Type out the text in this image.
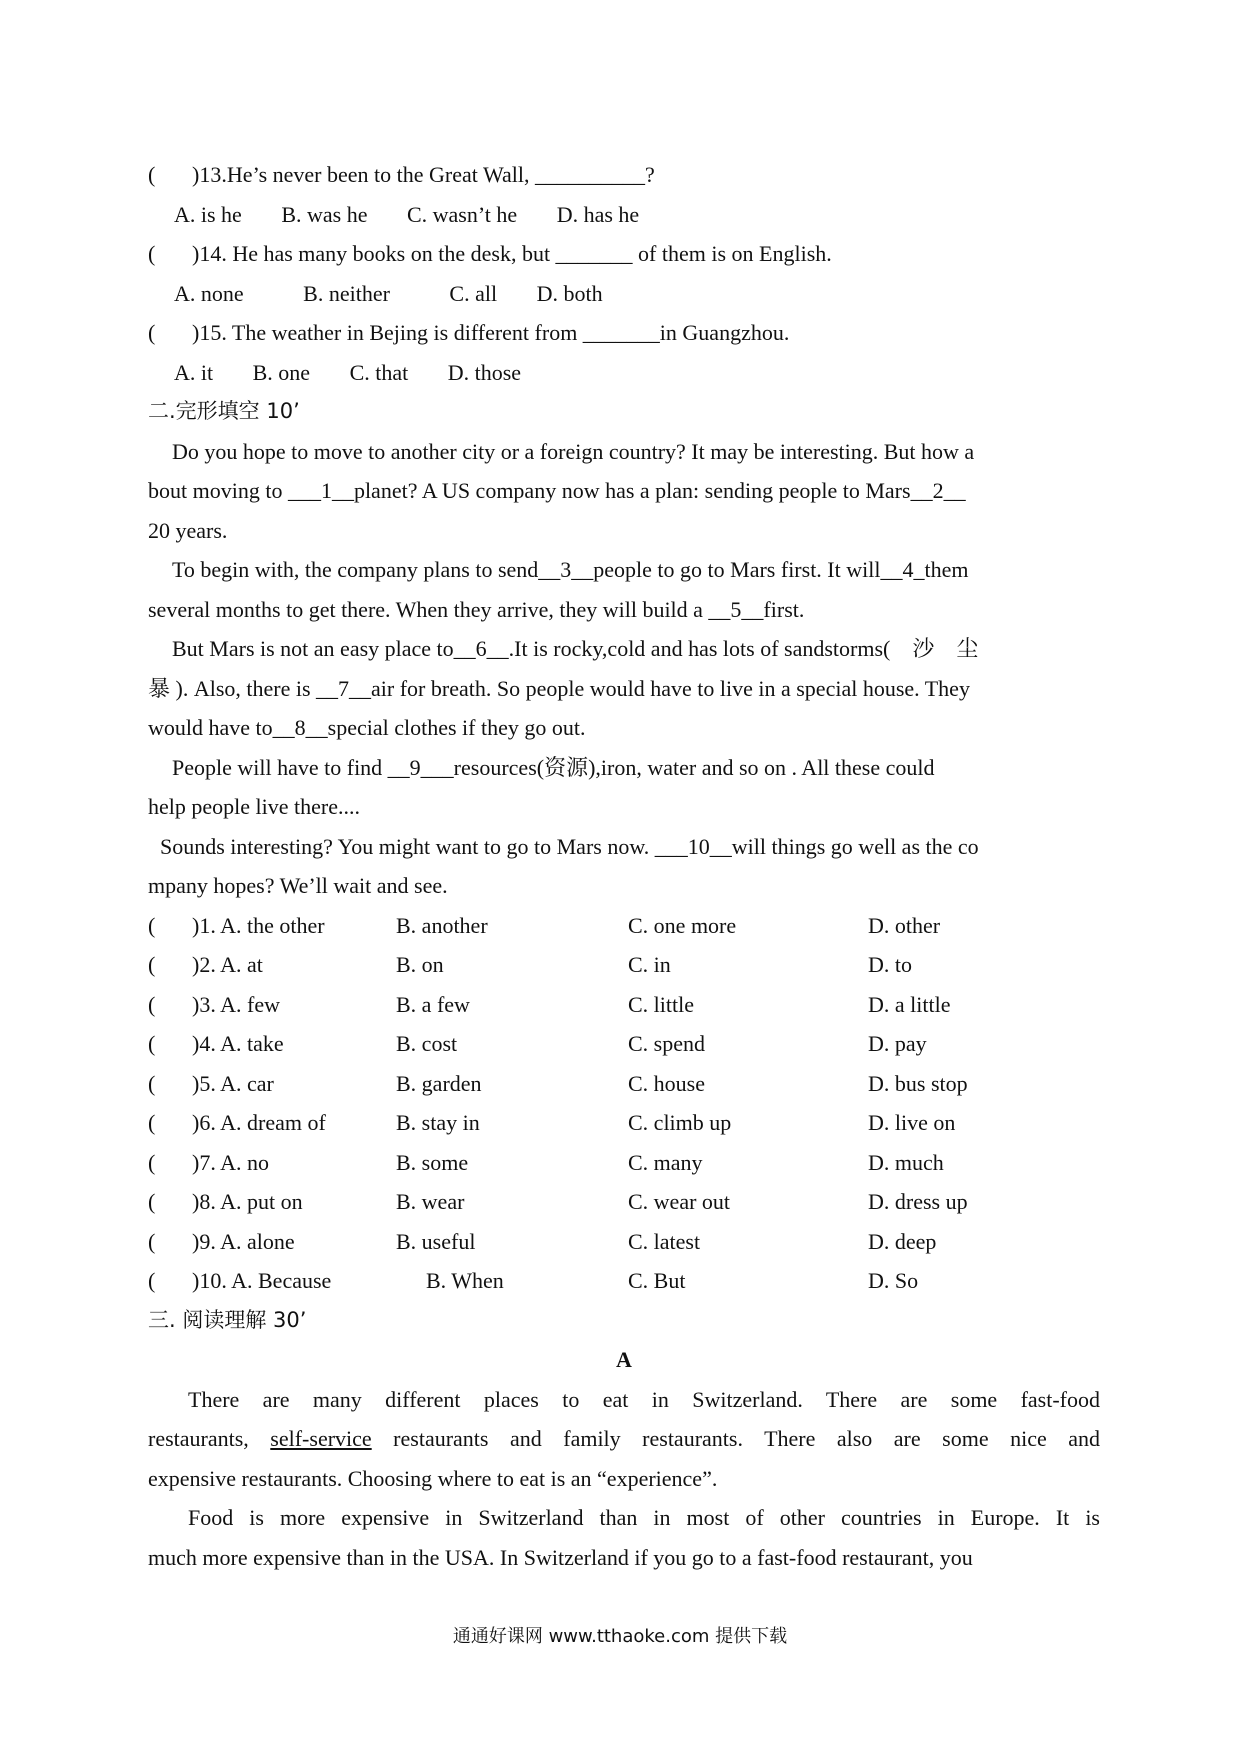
(	)13.He’s never been to the Great Wall, __________?
A. is he B. was he C. wasn’t he D. has he
(	)14. He has many books on the desk, but _______ of them is on English.
A. none	B. neither	C. all D. both
(	)15. The weather in Bejing is different from _______in Guangzhou.
A. it B. one C. that D. those
二.完形填空 10’
Do you hope to move to another city or a foreign country? It may be interesting. But how a
bout moving to ___1__planet? A US company now has a plan: sending people to Mars__2__
20 years.
To begin with, the company plans to send__3__people to go to Mars first. It will__4_them
several months to get there. When they arrive, they will build a __5__first.
But Mars is not an easy place to__6__.It is rocky,cold and has lots of sandstorms(　沙　尘
暴 ). Also, there is __7__air for breath. So people would have to live in a special house. They
would have to__8__special clothes if they go out.
People will have to find __9___resources(资源),iron, water and so on . All these could
help people live there....
Sounds interesting? You might want to go to Mars now. ___10__will things go well as the co
mpany hopes? We’ll wait and see.
(	)1. A. the other	B. another	C. one more	D. other
(	)2. A. at	B. on	C. in	D. to
(	)3. A. few	B. a few	C. little	D. a little
(	)4. A. take	B. cost	C. spend	D. pay
(	)5. A. car	B. garden	C. house	D. bus stop
(	)6. A. dream of	B. stay in	C. climb up	D. live on
(	)7. A. no	B. some	C. many	D. much
(	)8. A. put on	B. wear	C. wear out	D. dress up
(	)9. A. alone	B. useful	C. latest	D. deep
(	)10. A. Because	B. When	C. But	D. So
三. 阅读理解 30’
A
There are many different places to eat in Switzerland. There are some fast-food
restaurants, self-service restaurants and family restaurants. There also are some nice and
expensive restaurants. Choosing where to eat is an “experience”.
Food is more expensive in Switzerland than in most of other countries in Europe. It is
much more expensive than in the USA. In Switzerland if you go to a fast-food restaurant, you
通通好课网 www.tthaoke.com 提供下载
